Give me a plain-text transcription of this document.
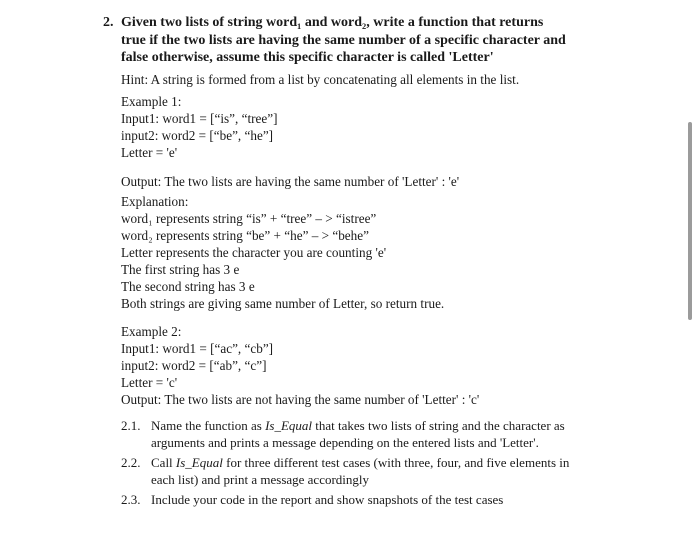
2. Given two lists of string word₁ and word₂, write a function that returns
true if the two lists are having the same number of a specific character and
false otherwise, assume this specific character is called 'Letter'
Hint: A string is formed from a list by concatenating all elements in the list.
Example 1:
Input1: word1 = [“is”, “tree”]
input2: word2 = [“be”, “he”]
Letter = 'e'
Output: The two lists are having the same number of 'Letter' : 'e'
Explanation:
word₁ represents string “is” + “tree” – > “istree”
word₂ represents string “be” + “he” – > “behe”
Letter represents the character you are counting 'e'
The first string has 3 e
The second string has 3 e
Both strings are giving same number of Letter, so return true.
Example 2:
Input1: word1 = [“ac”, “cb”]
input2: word2 = [“ab”, “c”]
Letter = 'c'
Output: The two lists are not having the same number of 'Letter' : 'c'
2.1. Name the function as Is_Equal that takes two lists of string and the character as
arguments and prints a message depending on the entered lists and 'Letter'.
2.2. Call Is_Equal for three different test cases (with three, four, and five elements in
each list) and print a message accordingly
2.3. Include your code in the report and show snapshots of the test cases
